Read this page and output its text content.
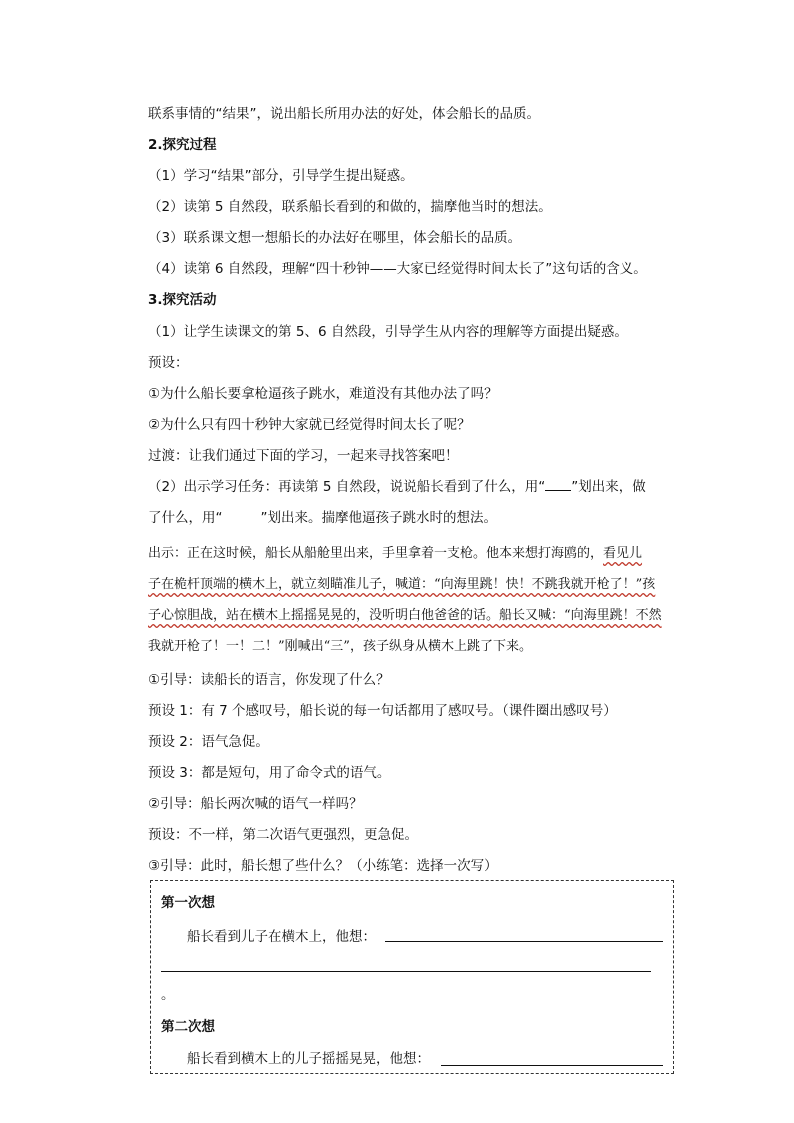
联系事情的“结果”，说出船长所用办法的好处，体会船长的品质。
2.探究过程
（1）学习“结果”部分，引导学生提出疑惑。
（2）读第 5 自然段，联系船长看到的和做的，揣摩他当时的想法。
（3）联系课文想一想船长的办法好在哪里，体会船长的品质。
（4）读第 6 自然段，理解“四十秒钟——大家已经觉得时间太长了”这句话的含义。
3.探究活动
（1）让学生读课文的第 5、6 自然段，引导学生从内容的理解等方面提出疑惑。
预设：
①为什么船长要拿枪逼孩子跳水，难道没有其他办法了吗？
②为什么只有四十秒钟大家就已经觉得时间太长了呢？
过渡：让我们通过下面的学习，一起来寻找答案吧！
（2）出示学习任务：再读第 5 自然段，说说船长看到了什么，用“ ”划出来，做
了什么，用“	”划出来。揣摩他逼孩子跳水时的想法。
出示：正在这时候，船长从船舱里出来，手里拿着一支枪。他本来想打海鸥的，看见儿
子在桅杆顶端的横木上，就立刻瞄准儿子，喊道：“向海里跳！快！不跳我就开枪了！”孩
子心惊胆战，站在横木上摇摇晃晃的，没听明白他爸爸的话。船长又喊：“向海里跳！不然
我就开枪了！一！二！”刚喊出“三”，孩子纵身从横木上跳了下来。
①引导：读船长的语言，你发现了什么？
预设 1：有 7 个感叹号，船长说的每一句话都用了感叹号。（课件圈出感叹号）
预设 2：语气急促。
预设 3：都是短句，用了命令式的语气。
②引导：船长两次喊的语气一样吗？
预设：不一样，第二次语气更强烈，更急促。
③引导：此时，船长想了些什么？（小练笔：选择一次写）
第一次想
船长看到儿子在横木上，他想：
。
第二次想
船长看到横木上的儿子摇摇晃晃，他想：
